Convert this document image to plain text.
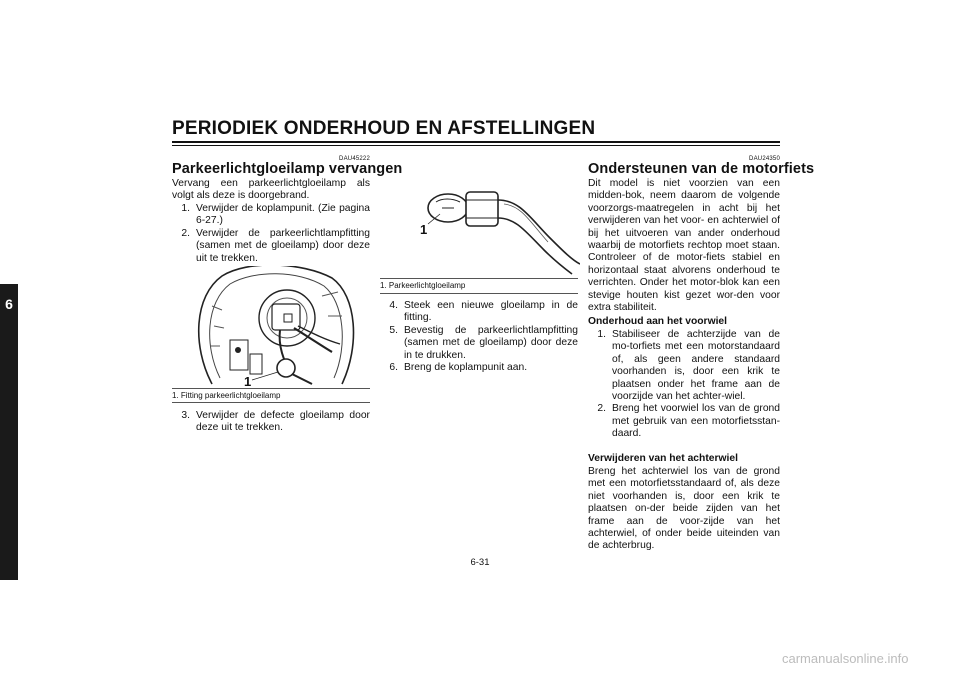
PERIODIEK ONDERHOUD EN AFSTELLINGEN
6
DAU45222
Parkeerlichtgloeilamp vervangen
Vervang een parkeerlichtgloeilamp als volgt als deze is doorgebrand.
1. Verwijder de koplampunit. (Zie pagina 6-27.)
2. Verwijder de parkeerlichtlampfitting (samen met de gloeilamp) door deze uit te trekken.
1
1. Fitting parkeerlichtgloeilamp
3. Verwijder de defecte gloeilamp door deze uit te trekken.
1
1. Parkeerlichtgloeilamp
4. Steek een nieuwe gloeilamp in de fitting.
5. Bevestig de parkeerlichtlampfitting (samen met de gloeilamp) door deze in te drukken.
6. Breng de koplampunit aan.
DAU24350
Ondersteunen van de motorfiets
Dit model is niet voorzien van een midden-bok, neem daarom de volgende voorzorgs-maatregelen in acht bij het verwijderen van het voor- en achterwiel of bij het uitvoeren van ander onderhoud waarbij de motorfiets rechtop moet staan. Controleer of de motor-fiets stabiel en horizontaal staat alvorens onderhoud te verrichten. Onder het motor-blok kan een stevige houten kist gezet wor-den voor extra stabiliteit.
Onderhoud aan het voorwiel
1. Stabiliseer de achterzijde van de mo-torfiets met een motorstandaard of, als geen andere standaard voorhanden is, door een krik te plaatsen onder het frame aan de voorzijde van het achter-wiel.
2. Breng het voorwiel los van de grond met gebruik van een motorfietsstan-daard.
Verwijderen van het achterwiel
Breng het achterwiel los van de grond met een motorfietsstandaard of, als deze niet voorhanden is, door een krik te plaatsen on-der beide zijden van het frame aan de voor-zijde van het achterwiel, of onder beide uiteinden van de achterbrug.
6-31
carmanualsonline.info
